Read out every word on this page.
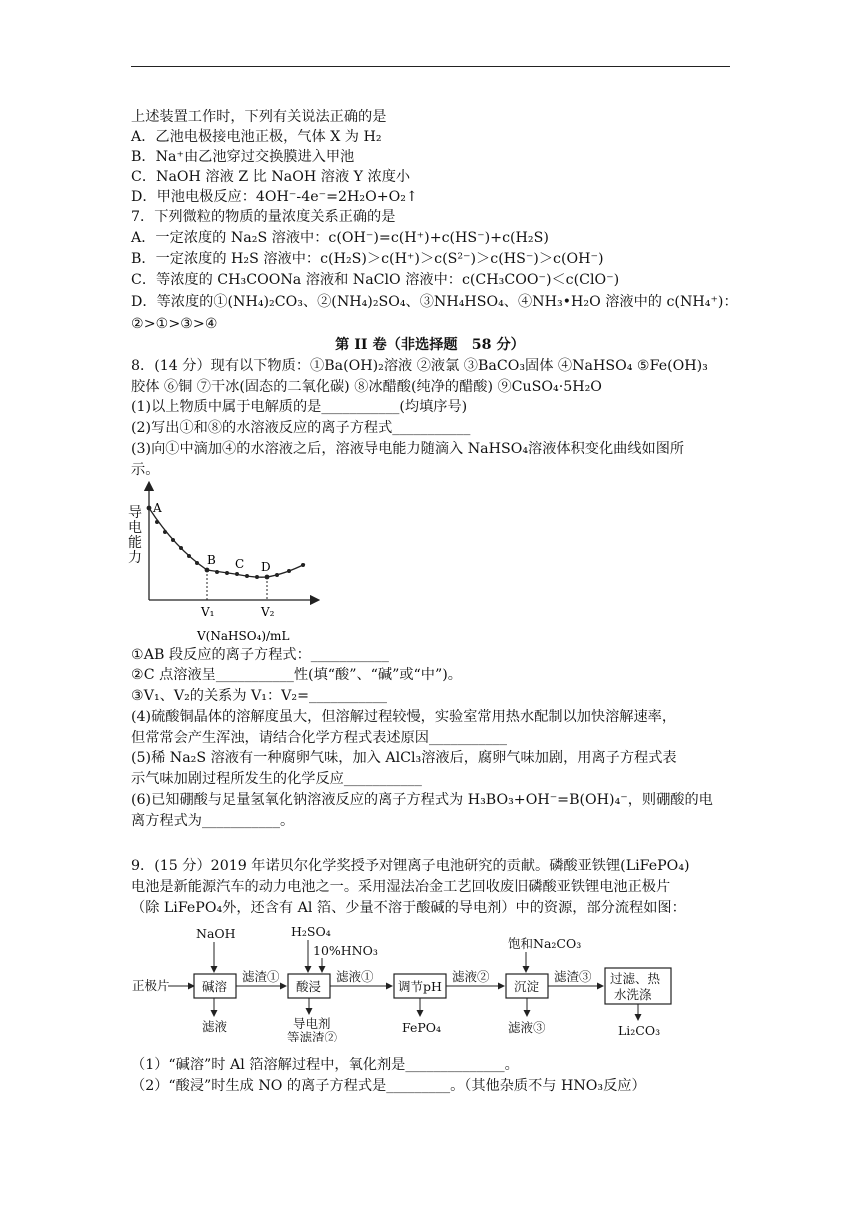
上述装置工作时，下列有关说法正确的是
A．乙池电极接电池正极，气体 X 为 H₂
B．Na⁺由乙池穿过交换膜进入甲池
C．NaOH 溶液 Z 比 NaOH 溶液 Y 浓度小
D．甲池电极反应：4OH⁻-4e⁻=2H₂O+O₂↑
7．下列微粒的物质的量浓度关系正确的是
A．一定浓度的 Na₂S 溶液中：c(OH⁻)=c(H⁺)+c(HS⁻)+c(H₂S)
B．一定浓度的 H₂S 溶液中：c(H₂S)＞c(H⁺)＞c(S²⁻)＞c(HS⁻)＞c(OH⁻)
C．等浓度的 CH₃COONa 溶液和 NaClO 溶液中：c(CH₃COO⁻)＜c(ClO⁻)
D．等浓度的①(NH₄)₂CO₃、②(NH₄)₂SO₄、③NH₄HSO₄、④NH₃•H₂O 溶液中的 c(NH₄⁺)：
②>①>③>④
第 II 卷（非选择题　58 分）
8．(14 分）现有以下物质：①Ba(OH)₂溶液 ②液氯 ③BaCO₃固体 ④NaHSO₄ ⑤Fe(OH)₃
胶体 ⑥铜 ⑦干冰(固态的二氧化碳) ⑧冰醋酸(纯净的醋酸) ⑨CuSO₄·5H₂O
(1)以上物质中属于电解质的是___________(均填序号)
(2)写出①和⑧的水溶液反应的离子方程式___________
(3)向①中滴加④的水溶液之后，溶液导电能力随滴入 NaHSO₄溶液体积变化曲线如图所
示。
A
B C D
V₁	V₂
V(NaHSO₄)/mL
导电能力
①AB 段反应的离子方程式：___________
②C 点溶液呈___________性(填“酸”、“碱”或“中”)。
③V₁、V₂的关系为 V₁：V₂=___________
(4)硫酸铜晶体的溶解度虽大，但溶解过程较慢，实验室常用热水配制以加快溶解速率，
但常常会产生浑浊，请结合化学方程式表述原因___________
(5)稀 Na₂S 溶液有一种腐卵气味，加入 AlCl₃溶液后，腐卵气味加剧，用离子方程式表
示气味加剧过程所发生的化学反应___________
(6)已知硼酸与足量氢氧化钠溶液反应的离子方程式为 H₃BO₃+OH⁻=B(OH)₄⁻，则硼酸的电
离方程式为___________。
9．(15 分）2019 年诺贝尔化学奖授予对锂离子电池研究的贡献。磷酸亚铁锂(LiFePO₄)
电池是新能源汽车的动力电池之一。采用湿法冶金工艺回收废旧磷酸亚铁锂电池正极片
（除 LiFePO₄外，还含有 Al 箔、少量不溶于酸碱的导电剂）中的资源，部分流程如图：
正极片
NaOH	H₂SO₄
10%HNO₃	饱和Na₂CO₃
碱溶	酸浸	调节pH	沉淀
过滤、热
水洗涤
滤渣①	滤液①	滤液②	滤渣③
滤液	导电剂
等滤渣②
FePO₄	滤液③	Li₂CO₃
（1）“碱溶”时 Al 箔溶解过程中，氧化剂是______________。
（2）“酸浸”时生成 NO 的离子方程式是_________。（其他杂质不与 HNO₃反应）
